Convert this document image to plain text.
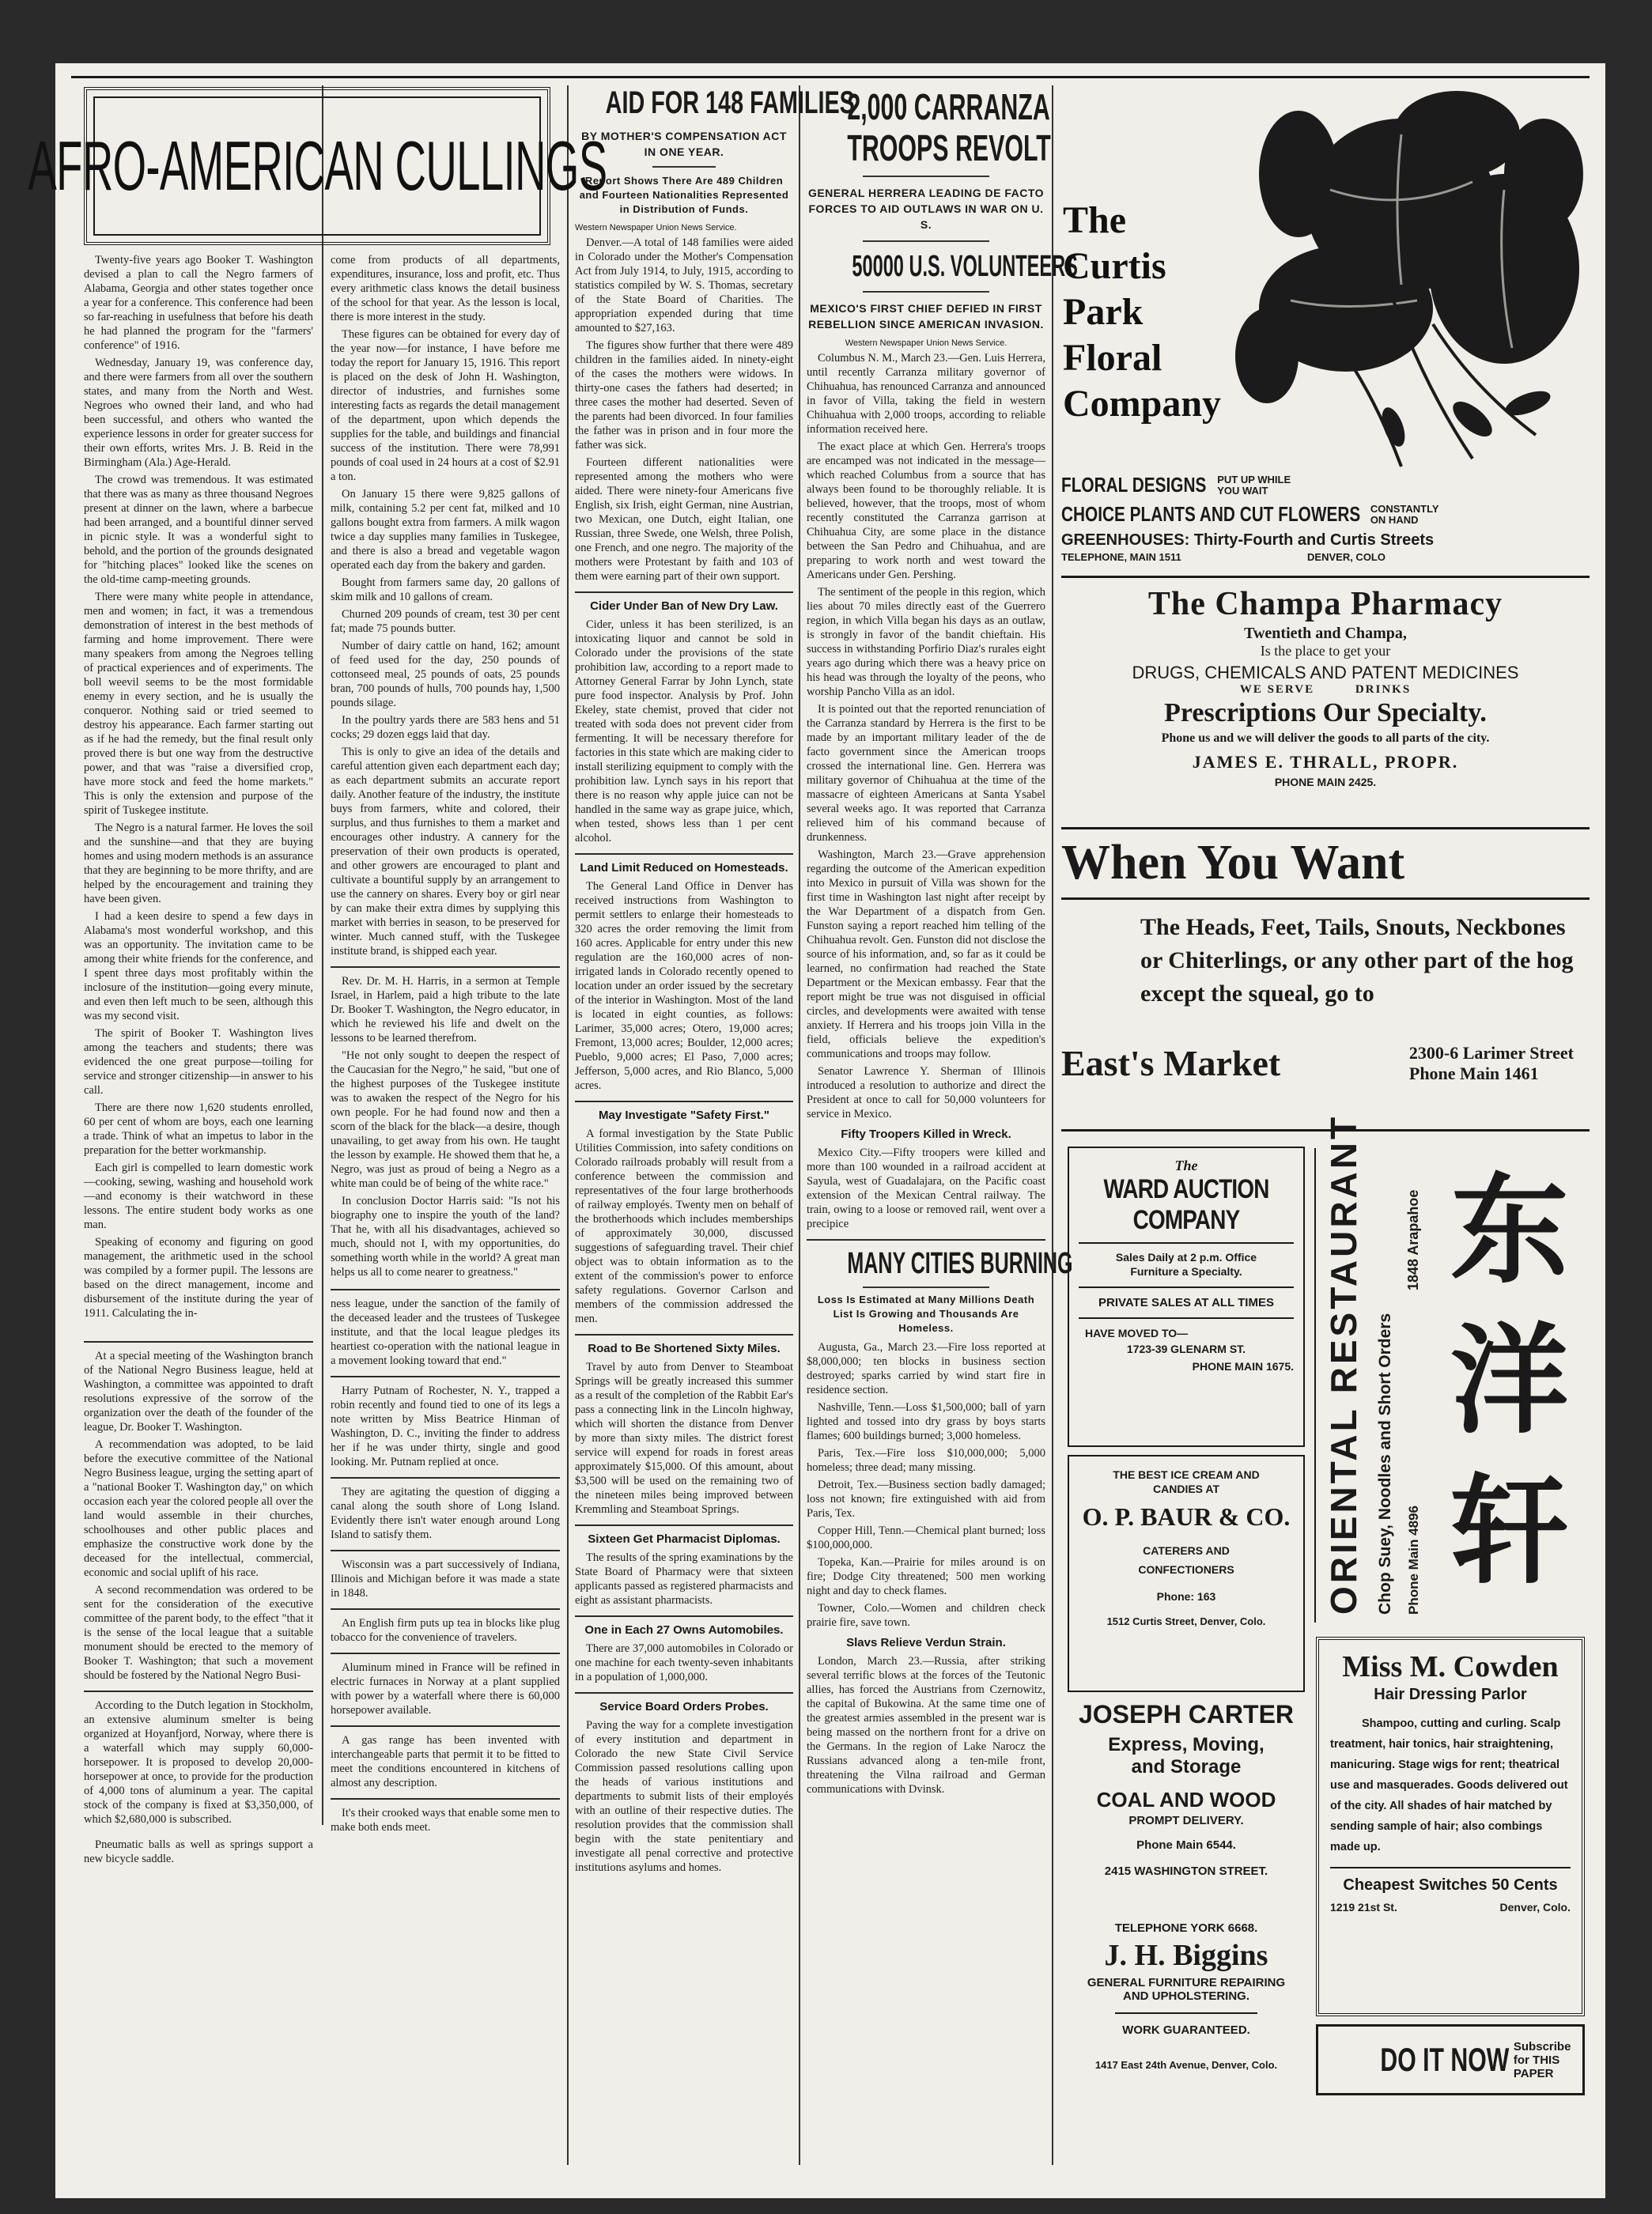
AFRO-AMERICAN CULLINGS

Twenty-five years ago Booker T. Washington devised a plan to call the Negro farmers of Alabama, Georgia and other states together once a year for a conference. This conference had been so far-reaching in usefulness that before his death he had planned the program for the "farmers' conference" of 1916.

Wednesday, January 19, was conference day, and there were farmers from all over the southern states, and many from the North and West. Negroes who owned their land, and who had been successful, and others who wanted the experience lessons in order for greater success for their own efforts, writes Mrs. J. B. Reid in the Birmingham (Ala.) Age-Herald.

The crowd was tremendous. It was estimated that there was as many as three thousand Negroes present at dinner on the lawn, where a barbecue had been arranged, and a bountiful dinner served in picnic style. It was a wonderful sight to behold, and the portion of the grounds designated for "hitching places" looked like the scenes on the old-time camp-meeting grounds.

There were many white people in attendance, men and women; in fact, it was a tremendous demonstration of interest in the best methods of farming and home improvement. There were many speakers from among the Negroes telling of practical experiences and of experiments. The boll weevil seems to be the most formidable enemy in every section, and he is usually the conqueror. Nothing said or tried seemed to destroy his appearance. Each farmer starting out as if he had the remedy, but the final result only proved there is but one way from the destructive power, and that was "raise a diversified crop, have more stock and feed the home markets." This is only the extension and purpose of the spirit of Tuskegee institute.

The Negro is a natural farmer. He loves the soil and the sunshine—and that they are buying homes and using modern methods is an assurance that they are beginning to be more thrifty, and are helped by the encouragement and training they have been given.

I had a keen desire to spend a few days in Alabama's most wonderful workshop, and this was an opportunity. The invitation came to be among their white friends for the conference, and I spent three days most profitably within the inclosure of the institution—going every minute, and even then left much to be seen, although this was my second visit.

The spirit of Booker T. Washington lives among the teachers and students; there was evidenced the one great purpose—toiling for service and stronger citizenship—in answer to his call.

There are there now 1,620 students enrolled, 60 per cent of whom are boys, each one learning a trade. Think of what an impetus to labor in the preparation for the better workmanship.

Each girl is compelled to learn domestic work—cooking, sewing, washing and household work—and economy is their watchword in these lessons. The entire student body works as one man.

Speaking of economy and figuring on good management, the arithmetic used in the school was compiled by a former pupil. The lessons are based on the direct management, income and disbursement of the institute during the year of 1911. Calculating the in-

At a special meeting of the Washington branch of the National Negro Business league, held at Washington, a committee was appointed to draft resolutions expressive of the sorrow of the organization over the death of the founder of the league, Dr. Booker T. Washington.

A recommendation was adopted, to be laid before the executive committee of the National Negro Business league, urging the setting apart of a "national Booker T. Washington day," on which occasion each year the colored people all over the land would assemble in their churches, schoolhouses and other public places and emphasize the constructive work done by the deceased for the intellectual, commercial, economic and social uplift of his race.

A second recommendation was ordered to be sent for the consideration of the executive committee of the parent body, to the effect "that it is the sense of the local league that a suitable monument should be erected to the memory of Booker T. Washington; that such a movement should be fostered by the National Negro Busi-

According to the Dutch legation in Stockholm, an extensive aluminum smelter is being organized at Hoyanfjord, Norway, where there is a waterfall which may supply 60,000-horsepower. It is proposed to develop 20,000-horsepower at once, to provide for the production of 4,000 tons of aluminum a year. The capital stock of the company is fixed at $3,350,000, of which $2,680,000 is subscribed.

Pneumatic balls as well as springs support a new bicycle saddle.

come from products of all departments, expenditures, insurance, loss and profit, etc. Thus every arithmetic class knows the detail business of the school for that year. As the lesson is local, there is more interest in the study.

These figures can be obtained for every day of the year now—for instance, I have before me today the report for January 15, 1916. This report is placed on the desk of John H. Washington, director of industries, and furnishes some interesting facts as regards the detail management of the department, upon which depends the supplies for the table, and buildings and financial success of the institution. There were 78,991 pounds of coal used in 24 hours at a cost of $2.91 a ton.

On January 15 there were 9,825 gallons of milk, containing 5.2 per cent fat, milked and 10 gallons bought extra from farmers. A milk wagon twice a day supplies many families in Tuskegee, and there is also a bread and vegetable wagon operated each day from the bakery and garden.

Bought from farmers same day, 20 gallons of skim milk and 10 gallons of cream.

Churned 209 pounds of cream, test 30 per cent fat; made 75 pounds butter.

Number of dairy cattle on hand, 162; amount of feed used for the day, 250 pounds of cottonseed meal, 25 pounds of oats, 25 pounds bran, 700 pounds of hulls, 700 pounds hay, 1,500 pounds silage.

In the poultry yards there are 583 hens and 51 cocks; 29 dozen eggs laid that day.

This is only to give an idea of the details and careful attention given each department each day; as each department submits an accurate report daily. Another feature of the industry, the institute buys from farmers, white and colored, their surplus, and thus furnishes to them a market and encourages other industry. A cannery for the preservation of their own products is operated, and other growers are encouraged to plant and cultivate a bountiful supply by an arrangement to use the cannery on shares. Every boy or girl near by can make their extra dimes by supplying this market with berries in season, to be preserved for winter. Much canned stuff, with the Tuskegee institute brand, is shipped each year.

Rev. Dr. M. H. Harris, in a sermon at Temple Israel, in Harlem, paid a high tribute to the late Dr. Booker T. Washington, the Negro educator, in which he reviewed his life and dwelt on the lessons to be learned therefrom.

"He not only sought to deepen the respect of the Caucasian for the Negro," he said, "but one of the highest purposes of the Tuskegee institute was to awaken the respect of the Negro for his own people. For he had found now and then a scorn of the black for the black—a desire, though unavailing, to get away from his own. He taught the lesson by example. He showed them that he, a Negro, was just as proud of being a Negro as a white man could be of being of the white race."

In conclusion Doctor Harris said: "Is not his biography one to inspire the youth of the land? That he, with all his disadvantages, achieved so much, should not I, with my opportunities, do something worth while in the world? A great man helps us all to come nearer to greatness."

ness league, under the sanction of the family of the deceased leader and the trustees of Tuskegee institute, and that the local league pledges its heartiest co-operation with the national league in a movement looking toward that end."

Harry Putnam of Rochester, N. Y., trapped a robin recently and found tied to one of its legs a note written by Miss Beatrice Hinman of Washington, D. C., inviting the finder to address her if he was under thirty, single and good looking. Mr. Putnam replied at once.

They are agitating the question of digging a canal along the south shore of Long Island. Evidently there isn't water enough around Long Island to satisfy them.

Wisconsin was a part successively of Indiana, Illinois and Michigan before it was made a state in 1848.

An English firm puts up tea in blocks like plug tobacco for the convenience of travelers.

Aluminum mined in France will be refined in electric furnaces in Norway at a plant supplied with power by a waterfall where there is 60,000 horsepower available.

A gas range has been invented with interchangeable parts that permit it to be fitted to meet the conditions encountered in kitchens of almost any description.

It's their crooked ways that enable some men to make both ends meet.

AID FOR 148 FAMILIES
BY MOTHER'S COMPENSATION ACT IN ONE YEAR.
Report Shows There Are 489 Children and Fourteen Nationalities Represented in Distribution of Funds.
Western Newspaper Union News Service.

Denver.—A total of 148 families were aided in Colorado under the Mother's Compensation Act from July 1914, to July, 1915, according to statistics compiled by W. S. Thomas, secretary of the State Board of Charities. The appropriation expended during that time amounted to $27,163.

The figures show further that there were 489 children in the families aided. In ninety-eight of the cases the mothers were widows. In thirty-one cases the fathers had deserted; in three cases the mother had deserted. Seven of the parents had been divorced. In four families the father was in prison and in four more the father was sick.

Fourteen different nationalities were represented among the mothers who were aided. There were ninety-four Americans five English, six Irish, eight German, nine Austrian, two Mexican, one Dutch, eight Italian, one Russian, three Swede, one Welsh, three Polish, one French, and one negro. The majority of the mothers were Protestant by faith and 103 of them were earning part of their own support.

Cider Under Ban of New Dry Law.

Cider, unless it has been sterilized, is an intoxicating liquor and cannot be sold in Colorado under the provisions of the state prohibition law, according to a report made to Attorney General Farrar by John Lynch, state pure food inspector. Analysis by Prof. John Ekeley, state chemist, proved that cider not treated with soda does not prevent cider from fermenting. It will be necessary therefore for factories in this state which are making cider to install sterilizing equipment to comply with the prohibition law. Lynch says in his report that there is no reason why apple juice can not be handled in the same way as grape juice, which, when tested, shows less than 1 per cent alcohol.

Land Limit Reduced on Homesteads.

The General Land Office in Denver has received instructions from Washington to permit settlers to enlarge their homesteads to 320 acres the order removing the limit from 160 acres. Applicable for entry under this new regulation are the 160,000 acres of non-irrigated lands in Colorado recently opened to location under an order issued by the secretary of the interior in Washington. Most of the land is located in eight counties, as follows: Larimer, 35,000 acres; Otero, 19,000 acres; Fremont, 13,000 acres; Boulder, 12,000 acres; Pueblo, 9,000 acres; El Paso, 7,000 acres; Jefferson, 5,000 acres, and Rio Blanco, 5,000 acres.

May Investigate "Safety First."

A formal investigation by the State Public Utilities Commission, into safety conditions on Colorado railroads probably will result from a conference between the commission and representatives of the four large brotherhoods of railway employés. Twenty men on behalf of the brotherhoods which includes memberships of approximately 30,000, discussed suggestions of safeguarding travel. Their chief object was to obtain information as to the extent of the commission's power to enforce safety regulations. Governor Carlson and members of the commission addressed the men.

Road to Be Shortened Sixty Miles.

Travel by auto from Denver to Steamboat Springs will be greatly increased this summer as a result of the completion of the Rabbit Ear's pass a connecting link in the Lincoln highway, which will shorten the distance from Denver by more than sixty miles. The district forest service will expend for roads in forest areas approximately $15,000. Of this amount, about $3,500 will be used on the remaining two of the nineteen miles being improved between Kremmling and Steamboat Springs.

Sixteen Get Pharmacist Diplomas.

The results of the spring examinations by the State Board of Pharmacy were that sixteen applicants passed as registered pharmacists and eight as assistant pharmacists.

One in Each 27 Owns Automobiles.

There are 37,000 automobiles in Colorado or one machine for each twenty-seven inhabitants in a population of 1,000,000.

Service Board Orders Probes.

Paving the way for a complete investigation of every institution and department in Colorado the new State Civil Service Commission passed resolutions calling upon the heads of various institutions and departments to submit lists of their employés with an outline of their respective duties. The resolution provides that the commission shall begin with the state penitentiary and investigate all penal corrective and protective institutions asylums and homes.

2,000 CARRANZA
TROOPS REVOLT
GENERAL HERRERA LEADING DE FACTO FORCES TO AID OUTLAWS IN WAR ON U. S.
50000 U.S. VOLUNTEERS
MEXICO'S FIRST CHIEF DEFIED IN FIRST REBELLION SINCE AMERICAN INVASION.
Western Newspaper Union News Service.

Columbus N. M., March 23.—Gen. Luis Herrera, until recently Carranza military governor of Chihuahua, has renounced Carranza and announced in favor of Villa, taking the field in western Chihuahua with 2,000 troops, according to reliable information received here.

The exact place at which Gen. Herrera's troops are encamped was not indicated in the message—which reached Columbus from a source that has always been found to be thoroughly reliable. It is believed, however, that the troops, most of whom recently constituted the Carranza garrison at Chihuahua City, are some place in the distance between the San Pedro and Chihuahua, and are preparing to work north and west toward the Americans under Gen. Pershing.

The sentiment of the people in this region, which lies about 70 miles directly east of the Guerrero region, in which Villa began his days as an outlaw, is strongly in favor of the bandit chieftain. His success in withstanding Porfirio Diaz's rurales eight years ago during which there was a heavy price on his head was through the loyalty of the peons, who worship Pancho Villa as an idol.

It is pointed out that the reported renunciation of the Carranza standard by Herrera is the first to be made by an important military leader of the de facto government since the American troops crossed the international line. Gen. Herrera was military governor of Chihuahua at the time of the massacre of eighteen Americans at Santa Ysabel several weeks ago. It was reported that Carranza relieved him of his command because of drunkenness.

Washington, March 23.—Grave apprehension regarding the outcome of the American expedition into Mexico in pursuit of Villa was shown for the first time in Washington last night after receipt by the War Department of a dispatch from Gen. Funston saying a report reached him telling of the Chihuahua revolt. Gen. Funston did not disclose the source of his information, and, so far as it could be learned, no confirmation had reached the State Department or the Mexican embassy. Fear that the report might be true was not disguised in official circles, and developments were awaited with tense anxiety. If Herrera and his troops join Villa in the field, officials believe the expedition's communications and troops may follow.

Senator Lawrence Y. Sherman of Illinois introduced a resolution to authorize and direct the President at once to call for 50,000 volunteers for service in Mexico.

Fifty Troopers Killed in Wreck.

Mexico City.—Fifty troopers were killed and more than 100 wounded in a railroad accident at Sayula, west of Guadalajara, on the Pacific coast extension of the Mexican Central railway. The train, owing to a loose or removed rail, went over a precipice

MANY CITIES BURNING
Loss Is Estimated at Many Millions Death List Is Growing and Thousands Are Homeless.

Augusta, Ga., March 23.—Fire loss reported at $8,000,000; ten blocks in business section destroyed; sparks carried by wind start fire in residence section.

Nashville, Tenn.—Loss $1,500,000; ball of yarn lighted and tossed into dry grass by boys starts flames; 600 buildings burned; 3,000 homeless.

Paris, Tex.—Fire loss $10,000,000; 5,000 homeless; three dead; many missing.

Detroit, Tex.—Business section badly damaged; loss not known; fire extinguished with aid from Paris, Tex.

Copper Hill, Tenn.—Chemical plant burned; loss $100,000,000.

Topeka, Kan.—Prairie for miles around is on fire; Dodge City threatened; 500 men working night and day to check flames.

Towner, Colo.—Women and children check prairie fire, save town.

Slavs Relieve Verdun Strain.

London, March 23.—Russia, after striking several terrific blows at the forces of the Teutonic allies, has forced the Austrians from Czernowitz, the capital of Bukowina. At the same time one of the greatest armies assembled in the present war is being massed on the northern front for a drive on the Germans. In the region of Lake Narocz the Russians advanced along a ten-mile front, threatening the Vilna railroad and German communications with Dvinsk.

The
Curtis
Park
Floral
Company
FLORAL DESIGNS PUT UP WHILE
YOU WAIT
CHOICE PLANTS AND CUT FLOWERS CONSTANTLY
ON HAND
GREENHOUSES: Thirty-Fourth and Curtis Streets
TELEPHONE, MAIN 1511	DENVER, COLO
The Champa Pharmacy
Twentieth and Champa,
Is the place to get your
DRUGS, CHEMICALS AND PATENT MEDICINES
WE SERVE         DRINKS
Prescriptions Our Specialty.
Phone us and we will deliver the goods to all parts of the city.
JAMES E. THRALL, PROPR.
PHONE MAIN 2425.
When You Want
The Heads, Feet, Tails, Snouts, Neckbones or Chiterlings, or any other part of the hog except the squeal, go to
East's Market	2300-6 Larimer Street
Phone Main 1461
The
WARD AUCTION
COMPANY
Sales Daily at 2 p.m. Office Furniture a Specialty.
PRIVATE SALES AT ALL TIMES
HAVE MOVED TO—
1723-39 GLENARM ST.
PHONE MAIN 1675.
THE BEST ICE CREAM AND CANDIES AT
O. P. BAUR & CO.
CATERERS AND
CONFECTIONERS
Phone: 163
1512 Curtis Street, Denver, Colo.
ORIENTAL RESTAURANT Chop Suey, Noodles and Short Orders
1848 Arapahoe
Phone Main 4896
东
洋
轩
JOSEPH CARTER
Express, Moving,
and Storage
COAL AND WOOD
PROMPT DELIVERY.
Phone Main 6544.
2415 WASHINGTON STREET.
TELEPHONE YORK 6668.
J. H. Biggins
GENERAL FURNITURE REPAIRING
AND UPHOLSTERING.
WORK GUARANTEED.
1417 East 24th Avenue, Denver, Colo.
Miss M. Cowden
Hair Dressing Parlor
Shampoo, cutting and curling. Scalp treatment, hair tonics, hair straightening, manicuring. Stage wigs for rent; theatrical use and masquerades. Goods delivered out of the city. All shades of hair matched by sending sample of hair; also combings made up.
Cheapest Switches 50 Cents
1219 21st St.	Denver, Colo.
DO IT NOW Subscribe
for THIS
PAPER
